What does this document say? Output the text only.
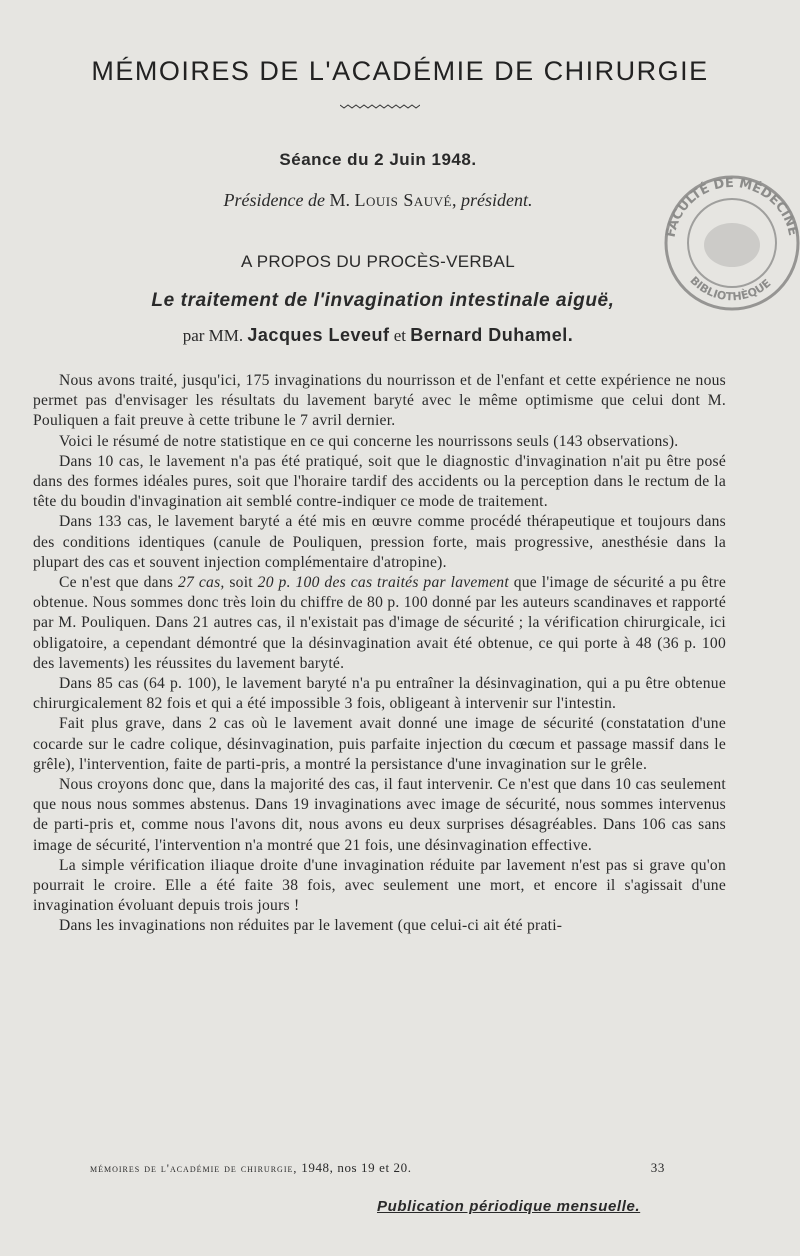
MÉMOIRES DE L'ACADÉMIE DE CHIRURGIE
Séance du 2 Juin 1948.
Présidence de M. Louis Sauvé, président.
A PROPOS DU PROCÈS-VERBAL
Le traitement de l'invagination intestinale aiguë,
par MM. Jacques Leveuf et Bernard Duhamel.
FACULTÉ DE MÉDECINE
BIBLIOTHÈQUE

Nous avons traité, jusqu'ici, 175 invaginations du nourrisson et de l'enfant et cette expérience ne nous permet pas d'envisager les résultats du lavement baryté avec le même optimisme que celui dont M. Pouliquen a fait preuve à cette tribune le 7 avril dernier.

Voici le résumé de notre statistique en ce qui concerne les nourrissons seuls (143 observations).

Dans 10 cas, le lavement n'a pas été pratiqué, soit que le diagnostic d'invagination n'ait pu être posé dans des formes idéales pures, soit que l'horaire tardif des accidents ou la perception dans le rectum de la tête du boudin d'invagination ait semblé contre-indiquer ce mode de traitement.

Dans 133 cas, le lavement baryté a été mis en œuvre comme procédé thérapeutique et toujours dans des conditions identiques (canule de Pouliquen, pression forte, mais progressive, anesthésie dans la plupart des cas et souvent injection complémentaire d'atropine).

Ce n'est que dans 27 cas, soit 20 p. 100 des cas traités par lavement que l'image de sécurité a pu être obtenue. Nous sommes donc très loin du chiffre de 80 p. 100 donné par les auteurs scandinaves et rapporté par M. Pouliquen. Dans 21 autres cas, il n'existait pas d'image de sécurité ; la vérification chirurgicale, ici obligatoire, a cependant démontré que la désinvagination avait été obtenue, ce qui porte à 48 (36 p. 100 des lavements) les réussites du lavement baryté.

Dans 85 cas (64 p. 100), le lavement baryté n'a pu entraîner la désinvagination, qui a pu être obtenue chirurgicalement 82 fois et qui a été impossible 3 fois, obligeant à intervenir sur l'intestin.

Fait plus grave, dans 2 cas où le lavement avait donné une image de sécurité (constatation d'une cocarde sur le cadre colique, désinvagination, puis parfaite injection du cœcum et passage massif dans le grêle), l'intervention, faite de parti-pris, a montré la persistance d'une invagination sur le grêle.

Nous croyons donc que, dans la majorité des cas, il faut intervenir. Ce n'est que dans 10 cas seulement que nous nous sommes abstenus. Dans 19 invaginations avec image de sécurité, nous sommes intervenus de parti-pris et, comme nous l'avons dit, nous avons eu deux surprises désagréables. Dans 106 cas sans image de sécurité, l'intervention n'a montré que 21 fois, une désinvagination effective.

La simple vérification iliaque droite d'une invagination réduite par lavement n'est pas si grave qu'on pourrait le croire. Elle a été faite 38 fois, avec seulement une mort, et encore il s'agissait d'une invagination évoluant depuis trois jours !

Dans les invaginations non réduites par le lavement (que celui-ci ait été prati-

mémoires de l'académie de chirurgie, 1948, nos 19 et 20.	33
Publication périodique mensuelle.
